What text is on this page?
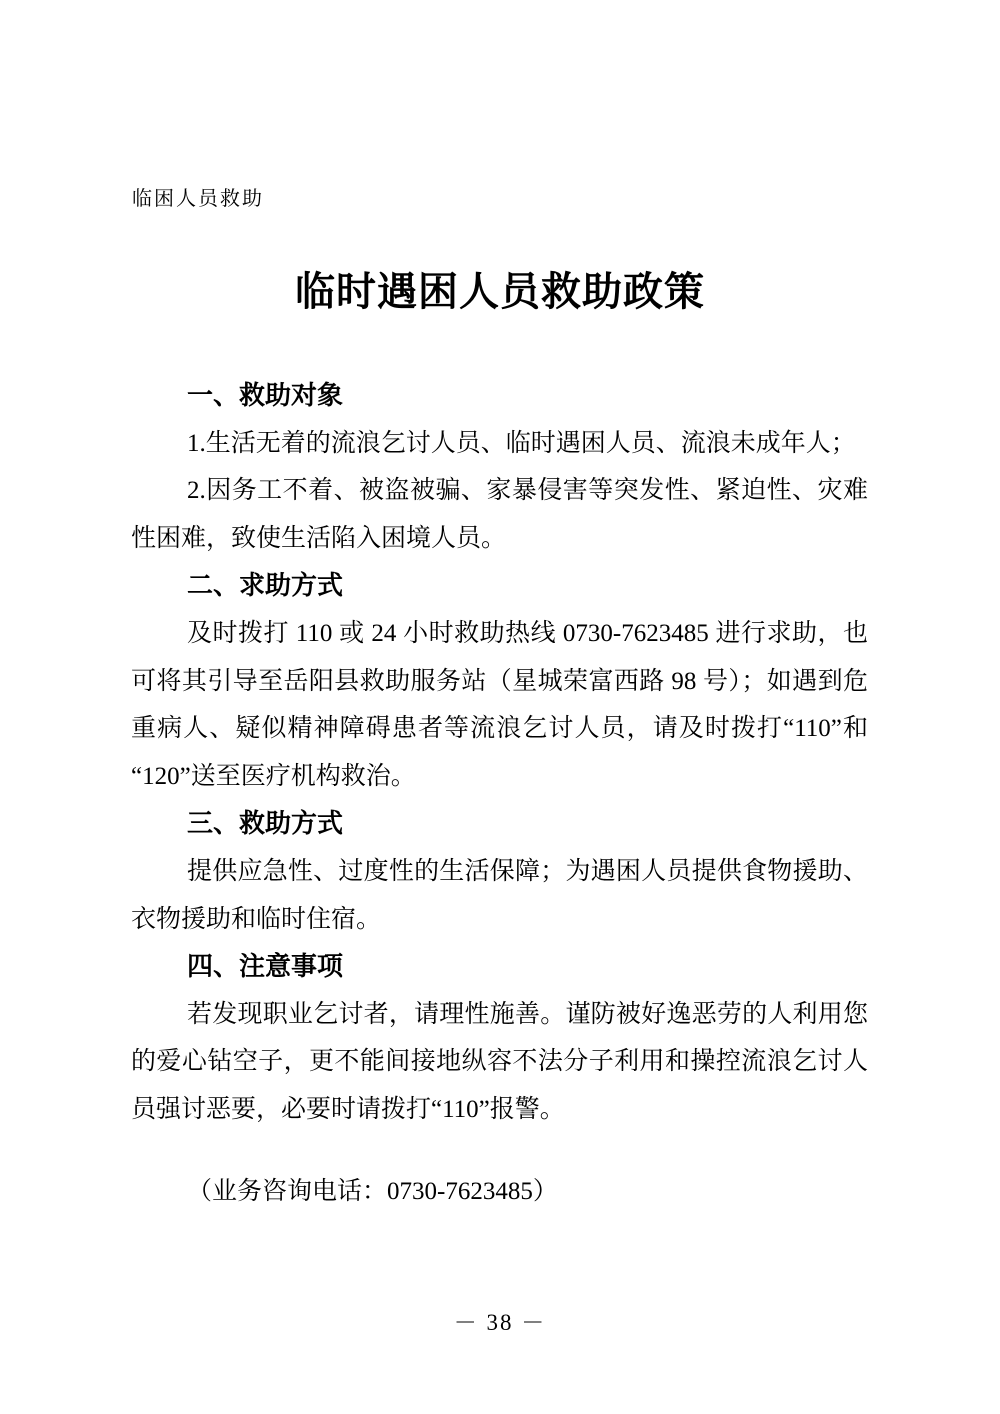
临困人员救助
临时遇困人员救助政策
一、救助对象

1.生活无着的流浪乞讨人员、临时遇困人员、流浪未成年人；

2.因务工不着、被盗被骗、家暴侵害等突发性、紧迫性、灾难性困难，致使生活陷入困境人员。

二、求助方式

及时拨打 110 或 24 小时救助热线 0730-7623485 进行求助，也可将其引导至岳阳县救助服务站（星城荣富西路 98 号）；如遇到危重病人、疑似精神障碍患者等流浪乞讨人员，请及时拨打“110”和“120”送至医疗机构救治。

三、救助方式

提供应急性、过度性的生活保障；为遇困人员提供食物援助、衣物援助和临时住宿。

四、注意事项

若发现职业乞讨者，请理性施善。谨防被好逸恶劳的人利用您的爱心钻空子，更不能间接地纵容不法分子利用和操控流浪乞讨人员强讨恶要，必要时请拨打“110”报警。

（业务咨询电话：0730-7623485）

－ 38 －
